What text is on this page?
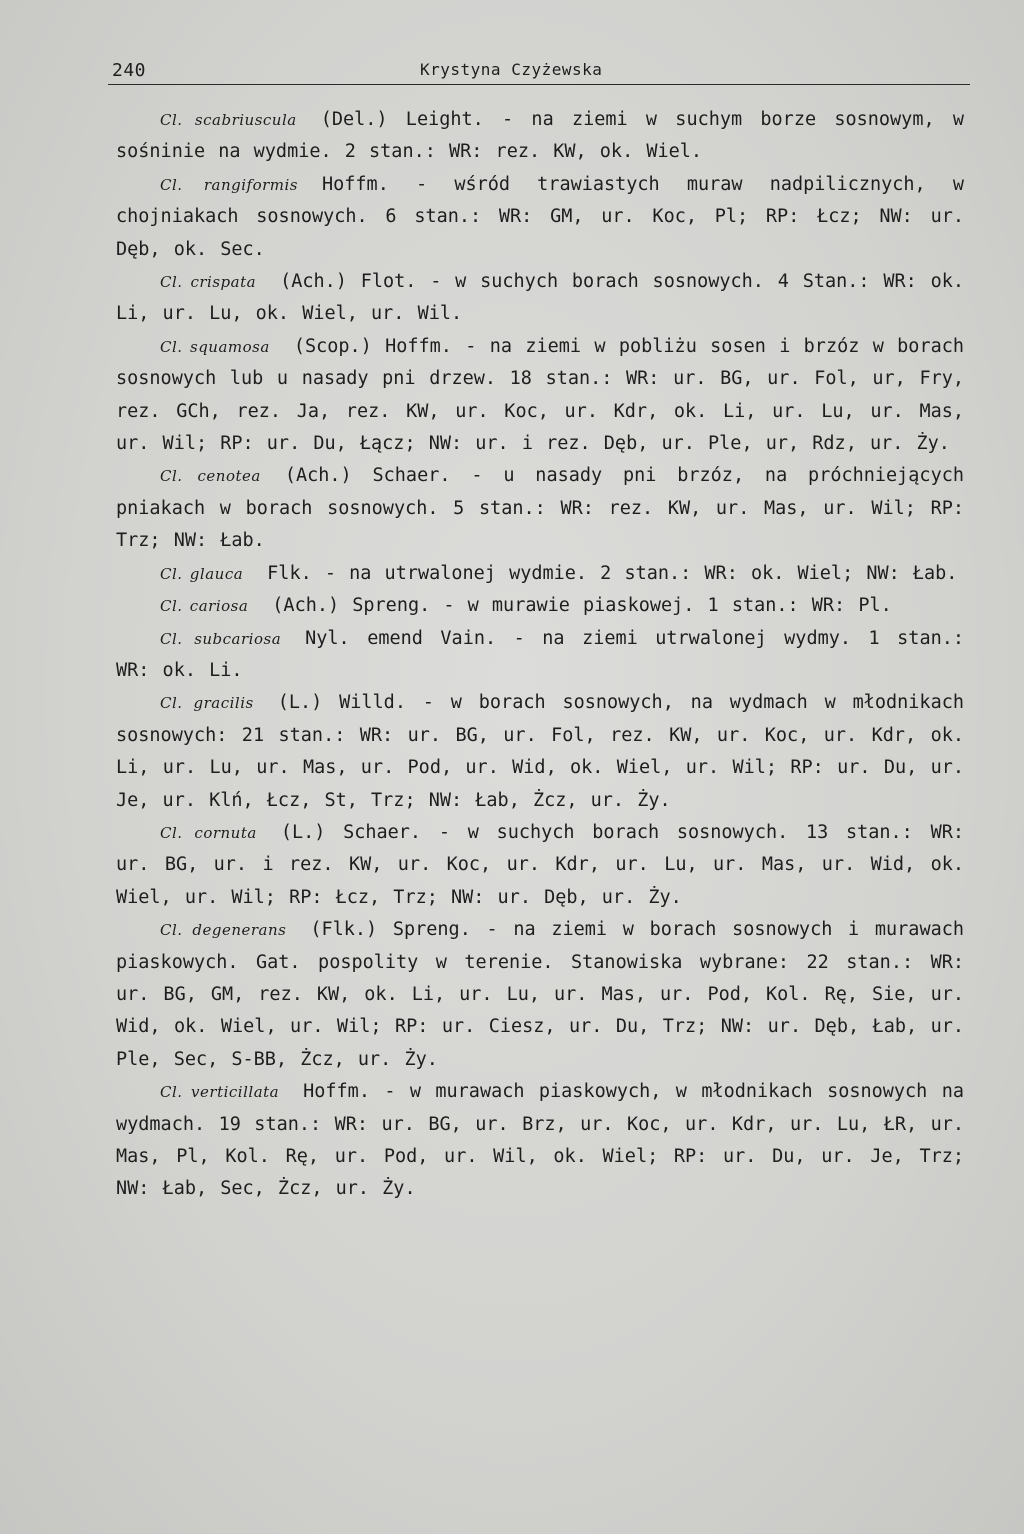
240	Krystyna Czyżewska

Cl. scabriuscula (Del.) Leight. - na ziemi w suchym borze sosnowym, w sośninie na wydmie. 2 stan.: WR: rez. KW, ok. Wiel.

Cl. rangiformis Hoffm. - wśród trawiastych muraw nadpilicznych, w chojniakach sosnowych. 6 stan.: WR: GM, ur. Koc, Pl; RP: Łcz; NW: ur. Dęb, ok. Sec.

Cl. crispata (Ach.) Flot. - w suchych borach sosnowych. 4 Stan.: WR: ok. Li, ur. Lu, ok. Wiel, ur. Wil.

Cl. squamosa (Scop.) Hoffm. - na ziemi w pobliżu sosen i brzóz w borach sosnowych lub u nasady pni drzew. 18 stan.: WR: ur. BG, ur. Fol, ur, Fry, rez. GCh, rez. Ja, rez. KW, ur. Koc, ur. Kdr, ok. Li, ur. Lu, ur. Mas, ur. Wil; RP: ur. Du, Łącz; NW: ur. i rez. Dęb, ur. Ple, ur, Rdz, ur. Ży.

Cl. cenotea (Ach.) Schaer. - u nasady pni brzóz, na próchniejących pniakach w borach sosnowych. 5 stan.: WR: rez. KW, ur. Mas, ur. Wil; RP: Trz; NW: Łab.

Cl. glauca Flk. - na utrwalonej wydmie. 2 stan.: WR: ok. Wiel; NW: Łab.

Cl. cariosa (Ach.) Spreng. - w murawie piaskowej. 1 stan.: WR: Pl.

Cl. subcariosa Nyl. emend Vain. - na ziemi utrwalonej wydmy. 1 stan.: WR: ok. Li.

Cl. gracilis (L.) Willd. - w borach sosnowych, na wydmach w młodnikach sosnowych: 21 stan.: WR: ur. BG, ur. Fol, rez. KW, ur. Koc, ur. Kdr, ok. Li, ur. Lu, ur. Mas, ur. Pod, ur. Wid, ok. Wiel, ur. Wil; RP: ur. Du, ur. Je, ur. Klń, Łcz, St, Trz; NW: Łab, Żcz, ur. Ży.

Cl. cornuta (L.) Schaer. - w suchych borach sosnowych. 13 stan.: WR: ur. BG, ur. i rez. KW, ur. Koc, ur. Kdr, ur. Lu, ur. Mas, ur. Wid, ok. Wiel, ur. Wil; RP: Łcz, Trz; NW: ur. Dęb, ur. Ży.

Cl. degenerans (Flk.) Spreng. - na ziemi w borach sosnowych i murawach piaskowych. Gat. pospolity w terenie. Stanowiska wybrane: 22 stan.: WR: ur. BG, GM, rez. KW, ok. Li, ur. Lu, ur. Mas, ur. Pod, Kol. Rę, Sie, ur. Wid, ok. Wiel, ur. Wil; RP: ur. Ciesz, ur. Du, Trz; NW: ur. Dęb, Łab, ur. Ple, Sec, S-BB, Żcz, ur. Ży.

Cl. verticillata Hoffm. - w murawach piaskowych, w młodnikach sosnowych na wydmach. 19 stan.: WR: ur. BG, ur. Brz, ur. Koc, ur. Kdr, ur. Lu, ŁR, ur. Mas, Pl, Kol. Rę, ur. Pod, ur. Wil, ok. Wiel; RP: ur. Du, ur. Je, Trz; NW: Łab, Sec, Żcz, ur. Ży.
